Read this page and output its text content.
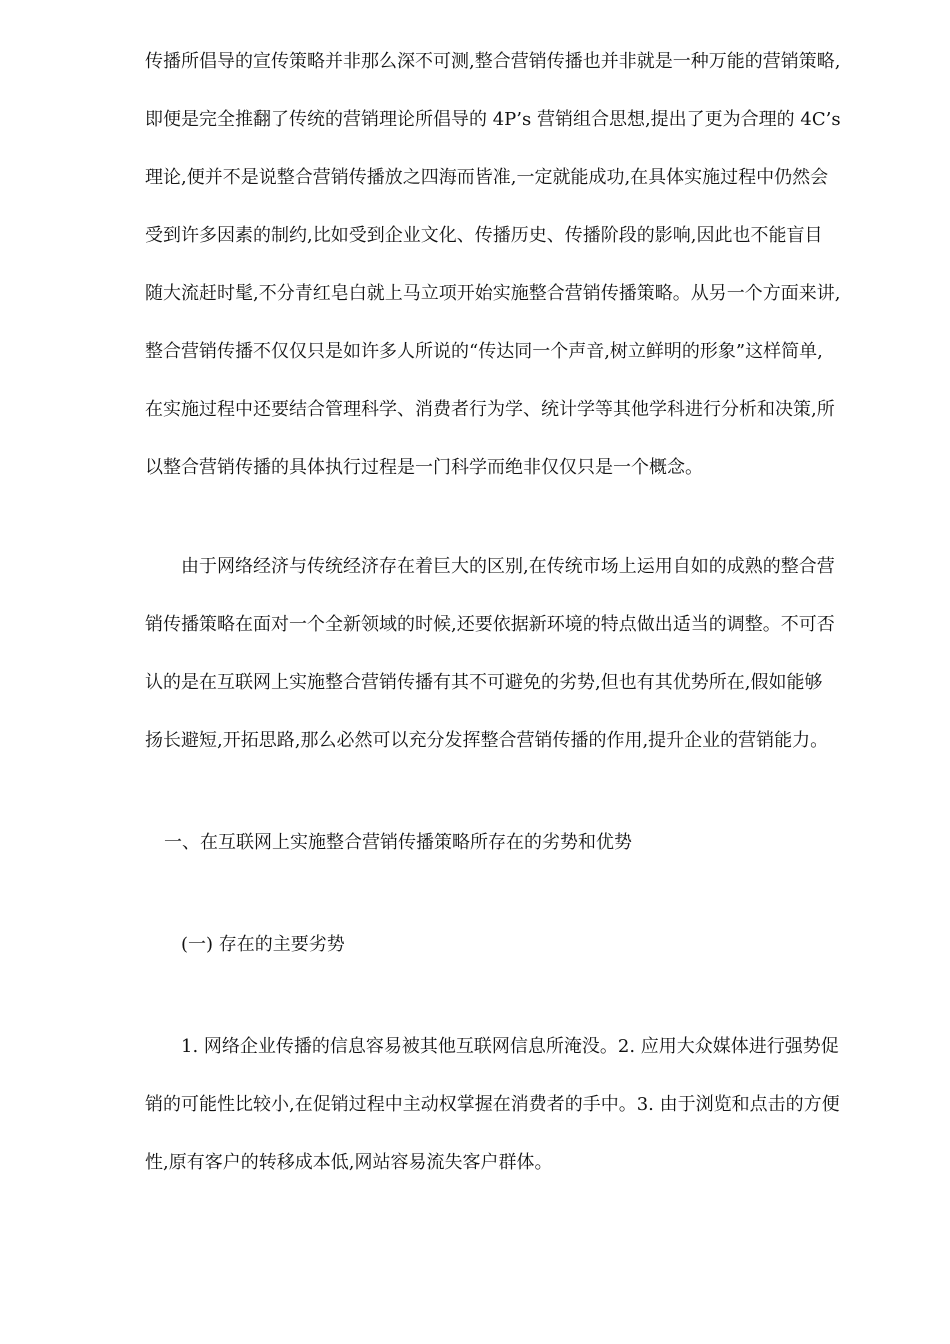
传播所倡导的宣传策略并非那么深不可测,整合营销传播也并非就是一种万能的营销策略,
即便是完全推翻了传统的营销理论所倡导的 4P’s 营销组合思想,提出了更为合理的 4C’s
理论,便并不是说整合营销传播放之四海而皆准,一定就能成功,在具体实施过程中仍然会
受到许多因素的制约,比如受到企业文化、传播历史、传播阶段的影响,因此也不能盲目
随大流赶时髦,不分青红皂白就上马立项开始实施整合营销传播策略。从另一个方面来讲,
整合营销传播不仅仅只是如许多人所说的“传达同一个声音,树立鲜明的形象”这样简单,
在实施过程中还要结合管理科学、消费者行为学、统计学等其他学科进行分析和决策,所
以整合营销传播的具体执行过程是一门科学而绝非仅仅只是一个概念。
由于网络经济与传统经济存在着巨大的区别,在传统市场上运用自如的成熟的整合营
销传播策略在面对一个全新领域的时候,还要依据新环境的特点做出适当的调整。不可否
认的是在互联网上实施整合营销传播有其不可避免的劣势,但也有其优势所在,假如能够
扬长避短,开拓思路,那么必然可以充分发挥整合营销传播的作用,提升企业的营销能力。
一、在互联网上实施整合营销传播策略所存在的劣势和优势
(一) 存在的主要劣势
1. 网络企业传播的信息容易被其他互联网信息所淹没。2. 应用大众媒体进行强势促
销的可能性比较小,在促销过程中主动权掌握在消费者的手中。3. 由于浏览和点击的方便
性,原有客户的转移成本低,网站容易流失客户群体。
